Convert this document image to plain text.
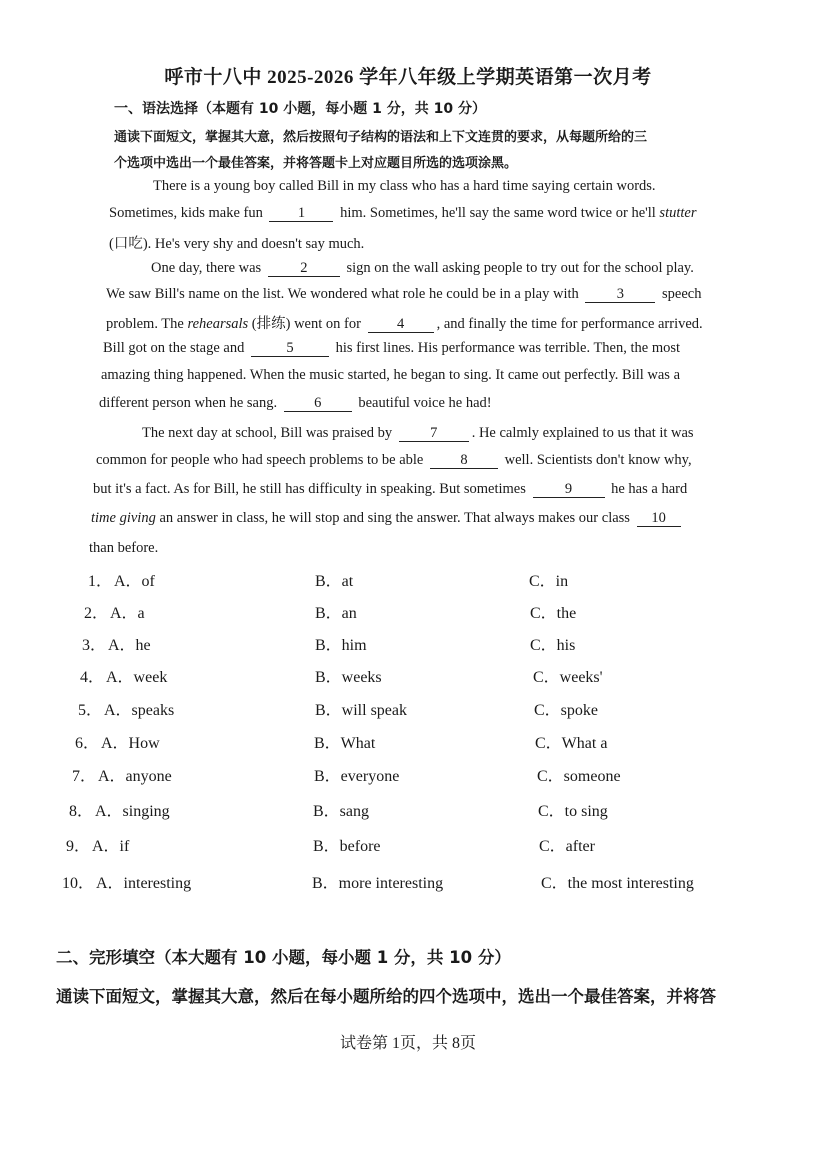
呼市十八中 2025-2026 学年八年级上学期英语第一次月考
一、语法选择（本题有 10 小题，每小题 1 分，共 10 分）
通读下面短文，掌握其大意，然后按照句子结构的语法和上下文连贯的要求，从每题所给的三
个选项中选出一个最佳答案，并将答题卡上对应题目所选的选项涂黑。
There is a young boy called Bill in my class who has a hard time saying certain words.
Sometimes, kids make fun 1 him. Sometimes, he'll say the same word twice or he'll stutter
(口吃). He's very shy and doesn't say much.
One day, there was	2	sign on the wall asking people to try out for the school play.
We saw Bill's name on the list. We wondered what role he could be in a play with	3	speech
problem. The rehearsals (排练) went on for 4 , and finally the time for performance arrived.
Bill got on the stage and	5	his first lines. His performance was terrible. Then, the most
amazing thing happened. When the music started, he began to sing. It came out perfectly. Bill was a
different person when he sang.	6	beautiful voice he had!
The next day at school, Bill was praised by	7 . He calmly explained to us that it was
common for people who had speech problems to be able	8	well. Scientists don't know why,
but it's a fact. As for Bill, he still has difficulty in speaking. But sometimes	9	he has a hard
time giving an answer in class, he will stop and sing the answer. That always makes our class 10
than before.
1． A．of	B．at	C．in
2． A．a	B．an	C．the
3． A．he	B．him	C．his
4． A．week	B．weeks	C．weeks'
5． A．speaks	B．will speak	C．spoke
6． A．How	B．What	C．What a
7． A．anyone	B．everyone	C．someone
8． A．singing	B．sang	C．to sing
9． A．if	B．before	C．after
10． A．interesting	B．more interesting	C．the most interesting
二、完形填空（本大题有 10 小题，每小题 1 分，共 10 分）
通读下面短文，掌握其大意，然后在每小题所给的四个选项中，选出一个最佳答案，并将答
试卷第 1页，共 8页
